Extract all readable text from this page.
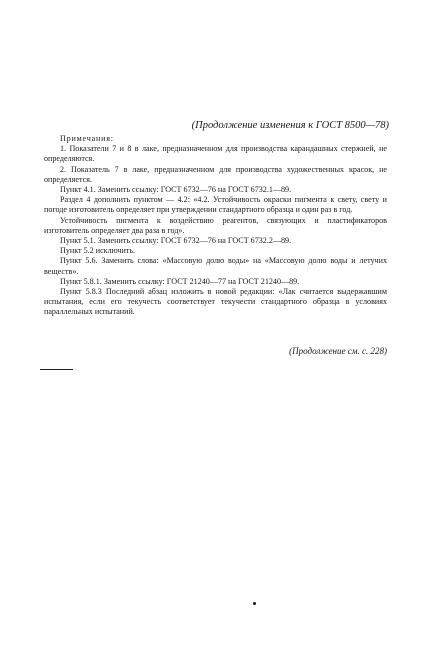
(Продолжение изменения к ГОСТ 8500—78)

Примечания:

1. Показатели 7 и 8 в лаке, предназначенном для производства карандашных стержней, не определяются.

2. Показатель 7 в лаке, предназначенном для производства художественных красок, не определяется.

Пункт 4.1. Заменить ссылку: ГОСТ 6732—76 на ГОСТ 6732.1—89.

Раздел 4 дополнить пунктом — 4.2: «4.2. Устойчивость окраски пигмента к свету, свету и погоде изготовитель определяет при утверждении стандартного образца и один раз в год.

Устойчивость пигмента к воздействию реагентов, связующих и пластификаторов изготовитель определяет два раза в год».

Пункт 5.1. Заменить ссылку: ГОСТ 6732—76 на ГОСТ 6732.2—89.

Пункт 5.2 исключить.

Пункт 5.6. Заменить слова: «Массовую долю воды» на «Массовую долю воды и летучих веществ».

Пункт 5.8.1. Заменить ссылку: ГОСТ 21240—77 на ГОСТ 21240—89.

Пункт 5.8.3 Последний абзац изложить в новой редакции: «Лак считается выдержавшим испытания, если его текучесть соответствует текучести стандартного образца в условиях параллельных испытаний.

(Продолжение см. с. 228)
